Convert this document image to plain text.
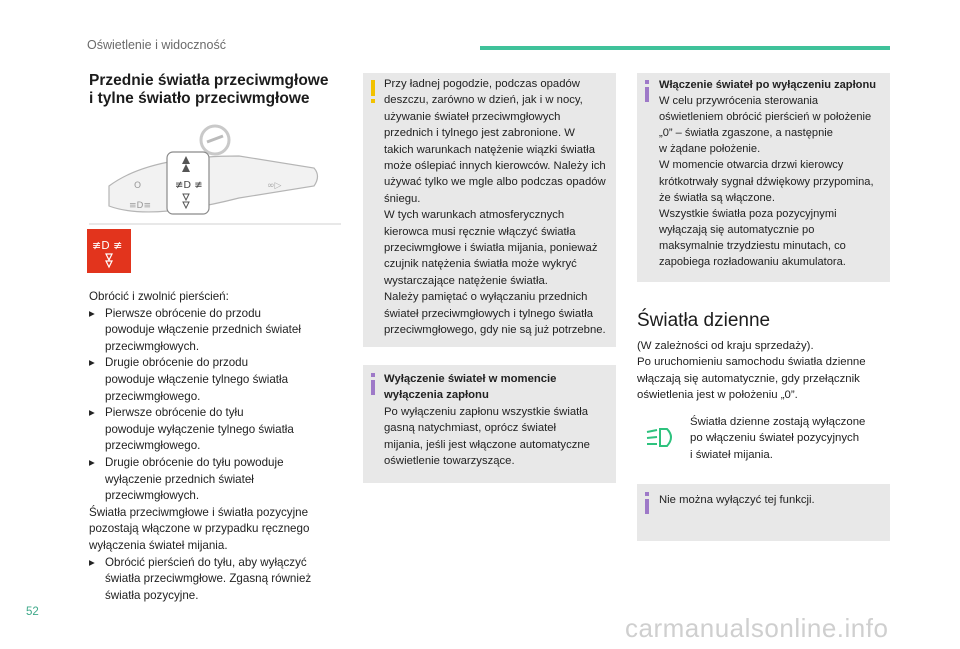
Oświetlenie i widoczność
Przednie światła przeciwmgłowe
i tylne światło przeciwmgłowe
≢D ≢
O
≡D≡
∞▷
≢D ≢
Obrócić i zwolnić pierścień:
▸ Pierwsze obrócenie do przodu
powoduje włączenie przednich świateł
przeciwmgłowych.
▸ Drugie obrócenie do przodu
powoduje włączenie tylnego światła
przeciwmgłowego.
▸ Pierwsze obrócenie do tyłu
powoduje wyłączenie tylnego światła
przeciwmgłowego.
▸ Drugie obrócenie do tyłu powoduje
wyłączenie przednich świateł
przeciwmgłowych.
Światła przeciwmgłowe i światła pozycyjne
pozostają włączone w przypadku ręcznego
wyłączenia świateł mijania.
▸ Obrócić pierścień do tyłu, aby wyłączyć
światła przeciwmgłowe. Zgasną również
światła pozycyjne.
Przy ładnej pogodzie, podczas opadów
deszczu, zarówno w dzień, jak i w nocy,
używanie świateł przeciwmgłowych
przednich i tylnego jest zabronione. W
takich warunkach natężenie wiązki światła
może oślepiać innych kierowców. Należy ich
używać tylko we mgle albo podczas opadów
śniegu.
W tych warunkach atmosferycznych
kierowca musi ręcznie włączyć światła
przeciwmgłowe i światła mijania, ponieważ
czujnik natężenia światła może wykryć
wystarczające natężenie światła.
Należy pamiętać o wyłączaniu przednich
świateł przeciwmgłowych i tylnego światła
przeciwmgłowego, gdy nie są już potrzebne.
Wyłączenie świateł w momencie
wyłączenia zapłonu
Po wyłączeniu zapłonu wszystkie światła
gasną natychmiast, oprócz świateł
mijania, jeśli jest włączone automatyczne
oświetlenie towarzyszące.
Włączenie świateł po wyłączeniu zapłonu
W celu przywrócenia sterowania
oświetleniem obrócić pierścień w położenie
„0” – światła zgaszone, a następnie
w żądane położenie.
W momencie otwarcia drzwi kierowcy
krótkotrwały sygnał dźwiękowy przypomina,
że światła są włączone.
Wszystkie światła poza pozycyjnymi
wyłączają się automatycznie po
maksymalnie trzydziestu minutach, co
zapobiega rozładowaniu akumulatora.
Światła dzienne
(W zależności od kraju sprzedaży).
Po uruchomieniu samochodu światła dzienne
włączają się automatycznie, gdy przełącznik
oświetlenia jest w położeniu „0”.
Światła dzienne zostają wyłączone
po włączeniu świateł pozycyjnych
i świateł mijania.
Nie można wyłączyć tej funkcji.
52
carmanualsonline.info
